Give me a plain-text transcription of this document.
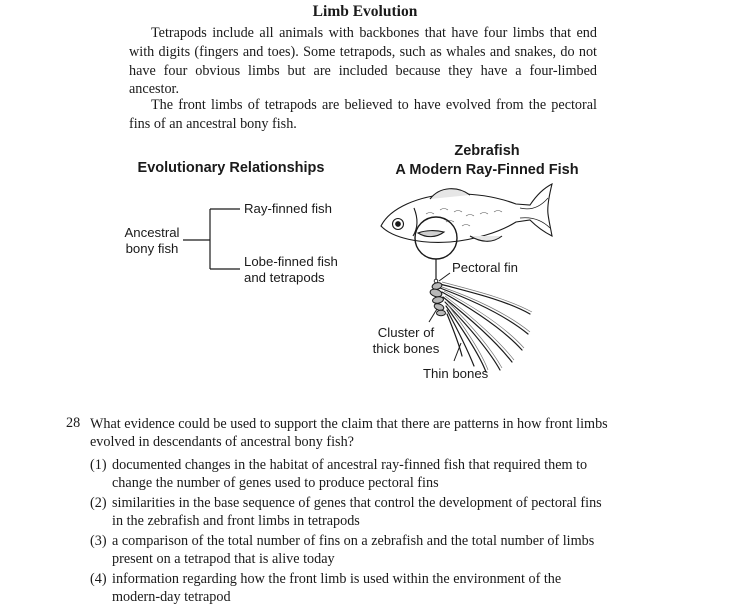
Limb Evolution

Tetrapods include all animals with backbones that have four limbs that end with digits (fingers and toes). Some tetrapods, such as whales and snakes, do not have four obvious limbs but are included because they have a four-limbed ancestor.

The front limbs of tetrapods are believed to have evolved from the pectoral fins of an ancestral bony fish.

Evolutionary Relationships
Zebrafish
A Modern Ray-Finned Fish
Ancestral
bony fish
Ray-finned fish
Lobe-finned fish
and tetrapods
Pectoral fin
Cluster of
thick bones
Thin bones
28 What evidence could be used to support the claim that there are patterns in how front limbs evolved in descendants of ancestral bony fish?
(1) documented changes in the habitat of ancestral ray-finned fish that required them to change the number of genes used to produce pectoral fins
(2) similarities in the base sequence of genes that control the development of pectoral fins in the zebrafish and front limbs in tetrapods
(3) a comparison of the total number of fins on a zebrafish and the total number of limbs present on a tetrapod that is alive today
(4) information regarding how the front limb is used within the environment of the modern-day tetrapod
